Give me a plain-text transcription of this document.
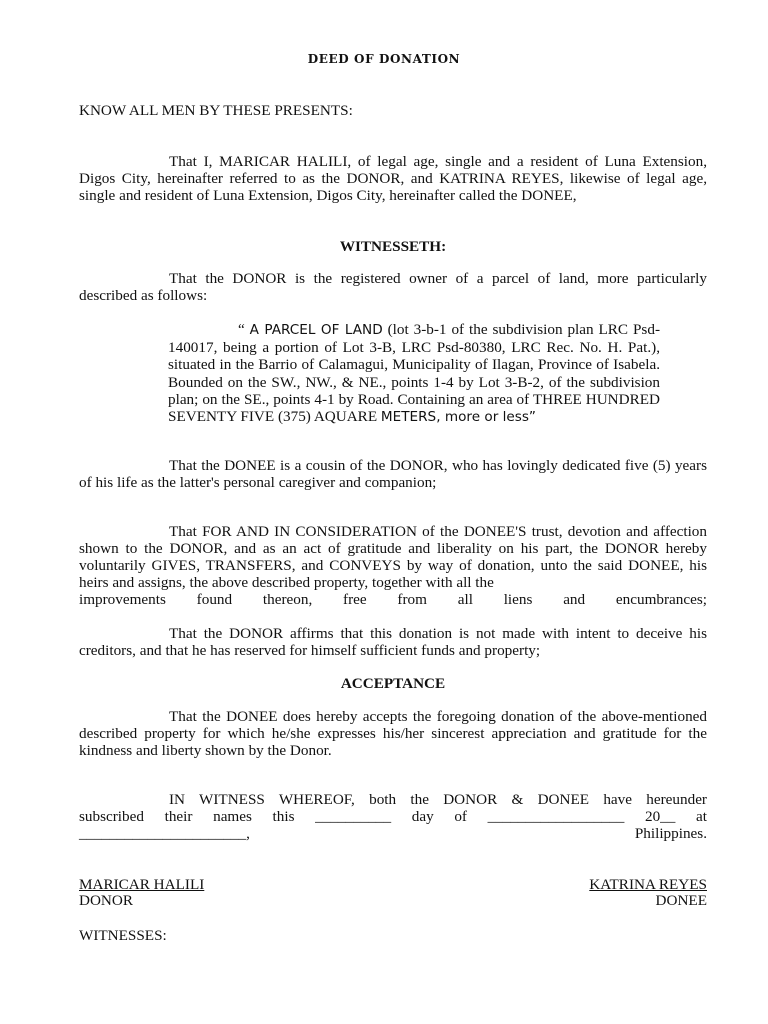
DEED OF DONATION
KNOW ALL MEN BY THESE PRESENTS:

That I, MARICAR HALILI, of legal age, single and a resident of Luna Extension, Digos City, hereinafter referred to as the DONOR, and KATRINA REYES, likewise of legal age, single and resident of Luna Extension, Digos City, hereinafter called the DONEE,

WITNESSETH:

That the DONOR is the registered owner of a parcel of land, more particularly described as follows:

“ A PARCEL OF LAND (lot 3-b-1 of the subdivision plan LRC Psd-140017, being a portion of Lot 3-B, LRC Psd-80380, LRC Rec. No. H. Pat.), situated in the Barrio of Calamagui, Municipality of Ilagan, Province of Isabela. Bounded on the SW., NW., & NE., points 1-4 by Lot 3-B-2, of the subdivision plan; on the SE., points 4-1 by Road. Containing an area of THREE HUNDRED SEVENTY FIVE (375) AQUARE METERS, more or less”

That the DONEE is a cousin of the DONOR, who has lovingly dedicated five (5) years of his life as the latter's personal caregiver and companion;

That FOR AND IN CONSIDERATION of the DONEE'S trust, devotion and affection shown to the DONOR, and as an act of gratitude and liberality on his part, the DONOR hereby voluntarily GIVES, TRANSFERS, and CONVEYS by way of donation, unto the said DONEE, his heirs and assigns, the above described property, together with all the

improvements found thereon, free from all liens and encumbrances;

That the DONOR affirms that this donation is not made with intent to deceive his creditors, and that he has reserved for himself sufficient funds and property;

ACCEPTANCE

That the DONEE does hereby accepts the foregoing donation of the above-mentioned described property for which he/she expresses his/her sincerest appreciation and gratitude for the kindness and liberty shown by the Donor.

IN WITNESS WHEREOF, both the DONOR & DONEE have hereunder
subscribed their names this __________ day of __________________ 20__ at
______________________,	Philippines.
MARICAR HALILI
DONOR
KATRINA REYES
DONEE
WITNESSES:
